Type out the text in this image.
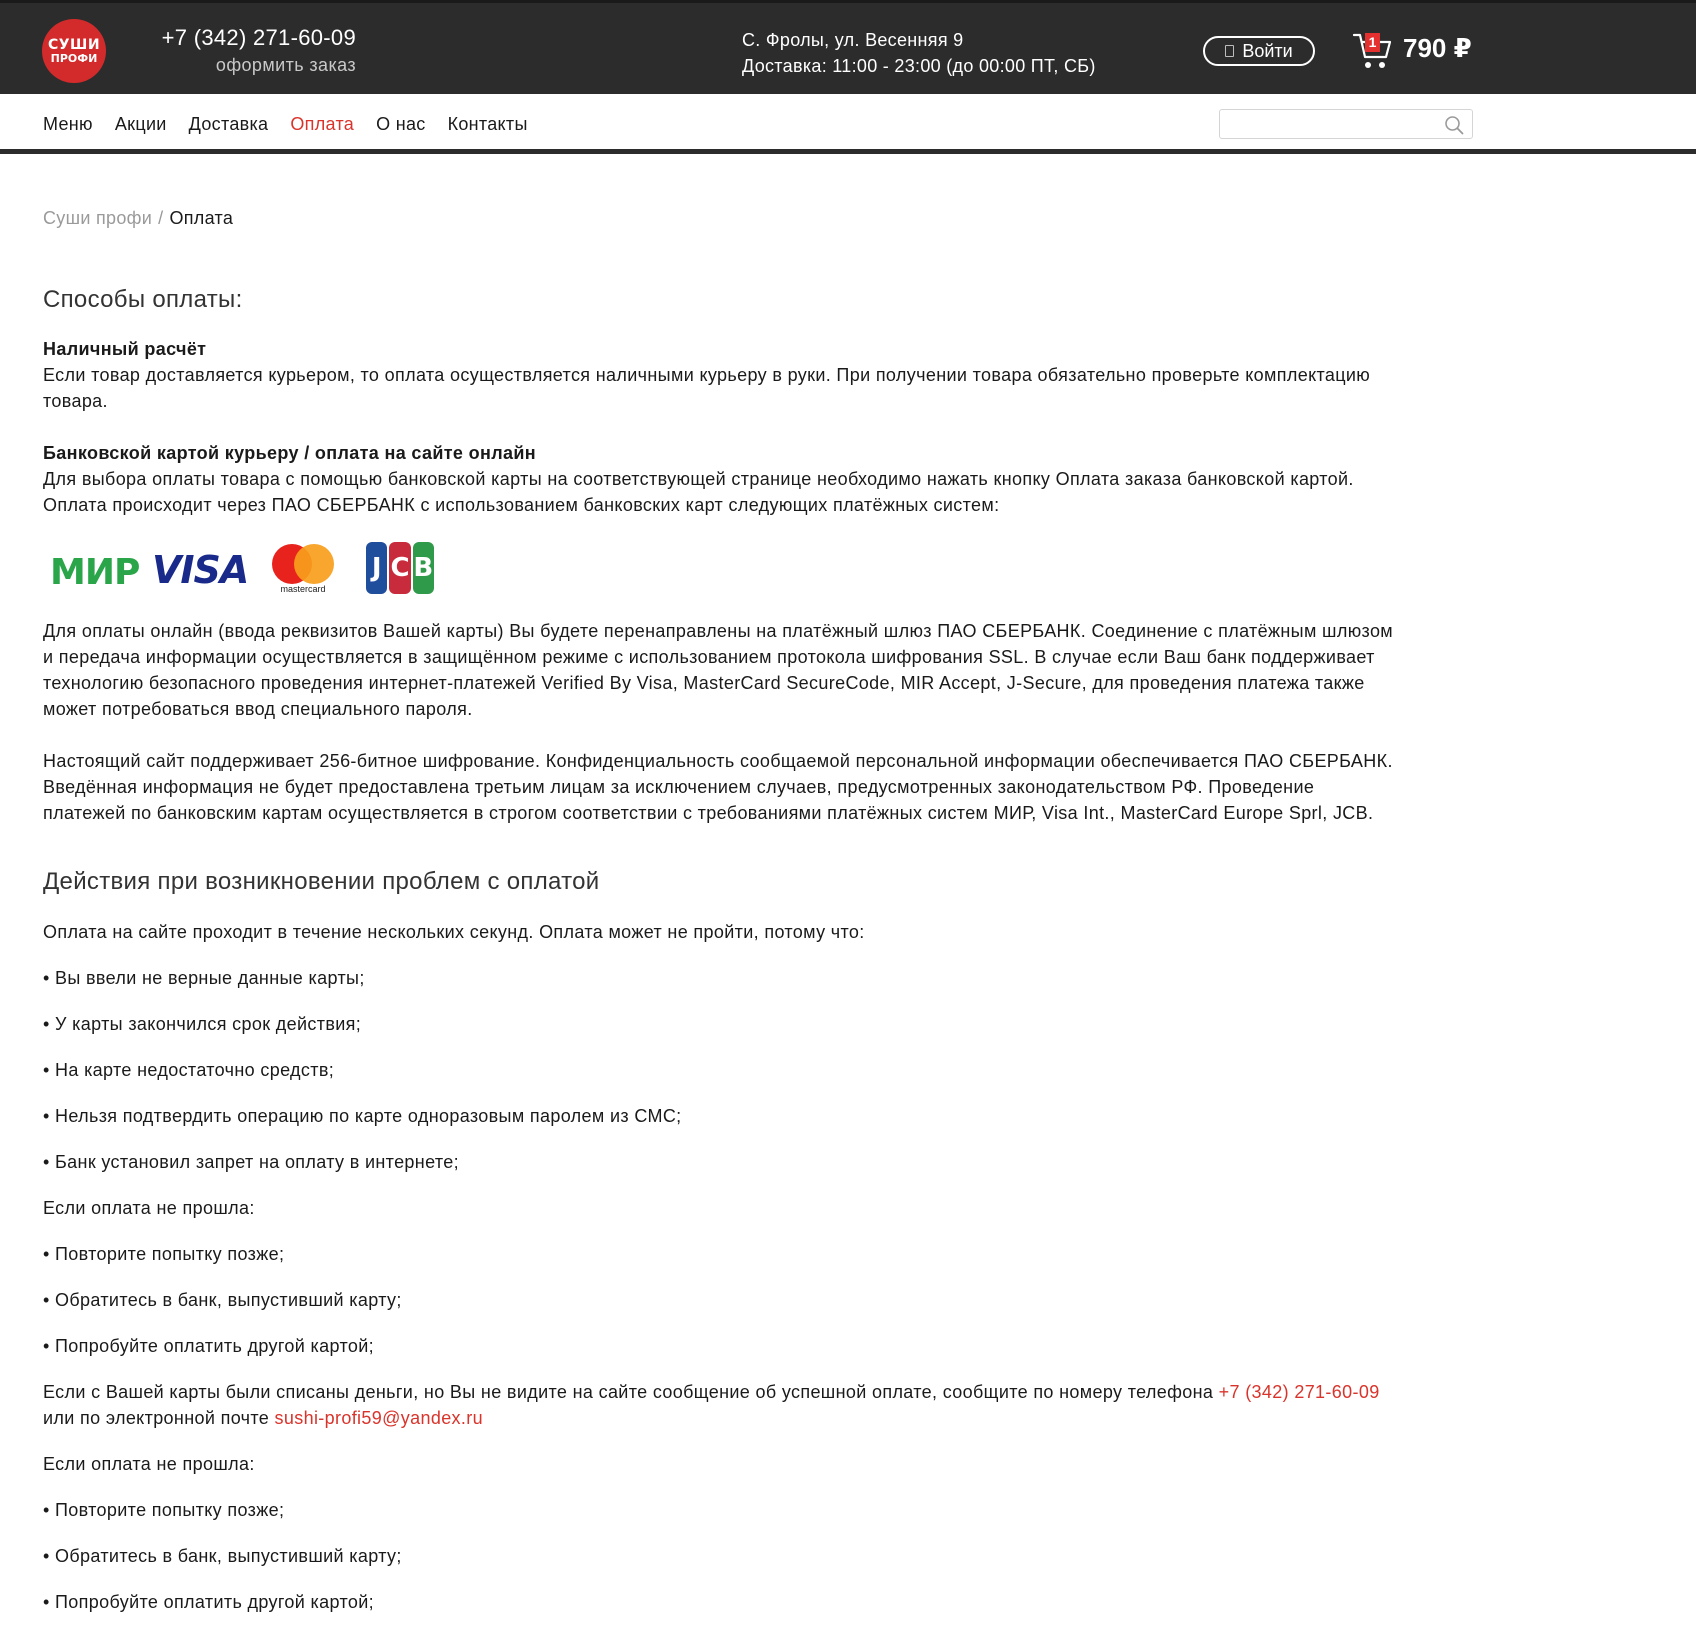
СУШИ
ПРОФИ
+7 (342) 271-60-09
оформить заказ
С. Фролы, ул. Весенняя 9
Доставка: 11:00 - 23:00 (до 00:00 ПТ, СБ)
Войти	1 790 ₽
Меню Акции Доставка Оплата О нас Контакты
Суши профи / Оплата
Способы оплаты:
Наличный расчёт
Если товар доставляется курьером, то оплата осуществляется наличными курьеру в руки. При получении товара обязательно проверьте комплектацию
товара.
Банковской картой курьеру / оплата на сайте онлайн
Для выбора оплаты товара с помощью банковской карты на соответствующей странице необходимо нажать кнопку Оплата заказа банковской картой.
Оплата происходит через ПАО СБЕРБАНК с использованием банковских карт следующих платёжных систем:
МИР VISA	mastercard
J C B
Для оплаты онлайн (ввода реквизитов Вашей карты) Вы будете перенаправлены на платёжный шлюз ПАО СБЕРБАНК. Соединение с платёжным шлюзом
и передача информации осуществляется в защищённом режиме с использованием протокола шифрования SSL. В случае если Ваш банк поддерживает
технологию безопасного проведения интернет-платежей Verified By Visa, MasterCard SecureCode, MIR Accept, J-Secure, для проведения платежа также
может потребоваться ввод специального пароля.
Настоящий сайт поддерживает 256-битное шифрование. Конфиденциальность сообщаемой персональной информации обеспечивается ПАО СБЕРБАНК.
Введённая информация не будет предоставлена третьим лицам за исключением случаев, предусмотренных законодательством РФ. Проведение
платежей по банковским картам осуществляется в строгом соответствии с требованиями платёжных систем МИР, Visa Int., MasterCard Europe Sprl, JCB.
Действия при возникновении проблем с оплатой
Оплата на сайте проходит в течение нескольких секунд. Оплата может не пройти, потому что:
• Вы ввели не верные данные карты;
• У карты закончился срок действия;
• На карте недостаточно средств;
• Нельзя подтвердить операцию по карте одноразовым паролем из СМС;
• Банк установил запрет на оплату в интернете;
Если оплата не прошла:
• Повторите попытку позже;
• Обратитесь в банк, выпустивший карту;
• Попробуйте оплатить другой картой;
Если с Вашей карты были списаны деньги, но Вы не видите на сайте сообщение об успешной оплате, сообщите по номеру телефона +7 (342) 271-60-09
или по электронной почте sushi-profi59@yandex.ru
Если оплата не прошла:
• Повторите попытку позже;
• Обратитесь в банк, выпустивший карту;
• Попробуйте оплатить другой картой;
